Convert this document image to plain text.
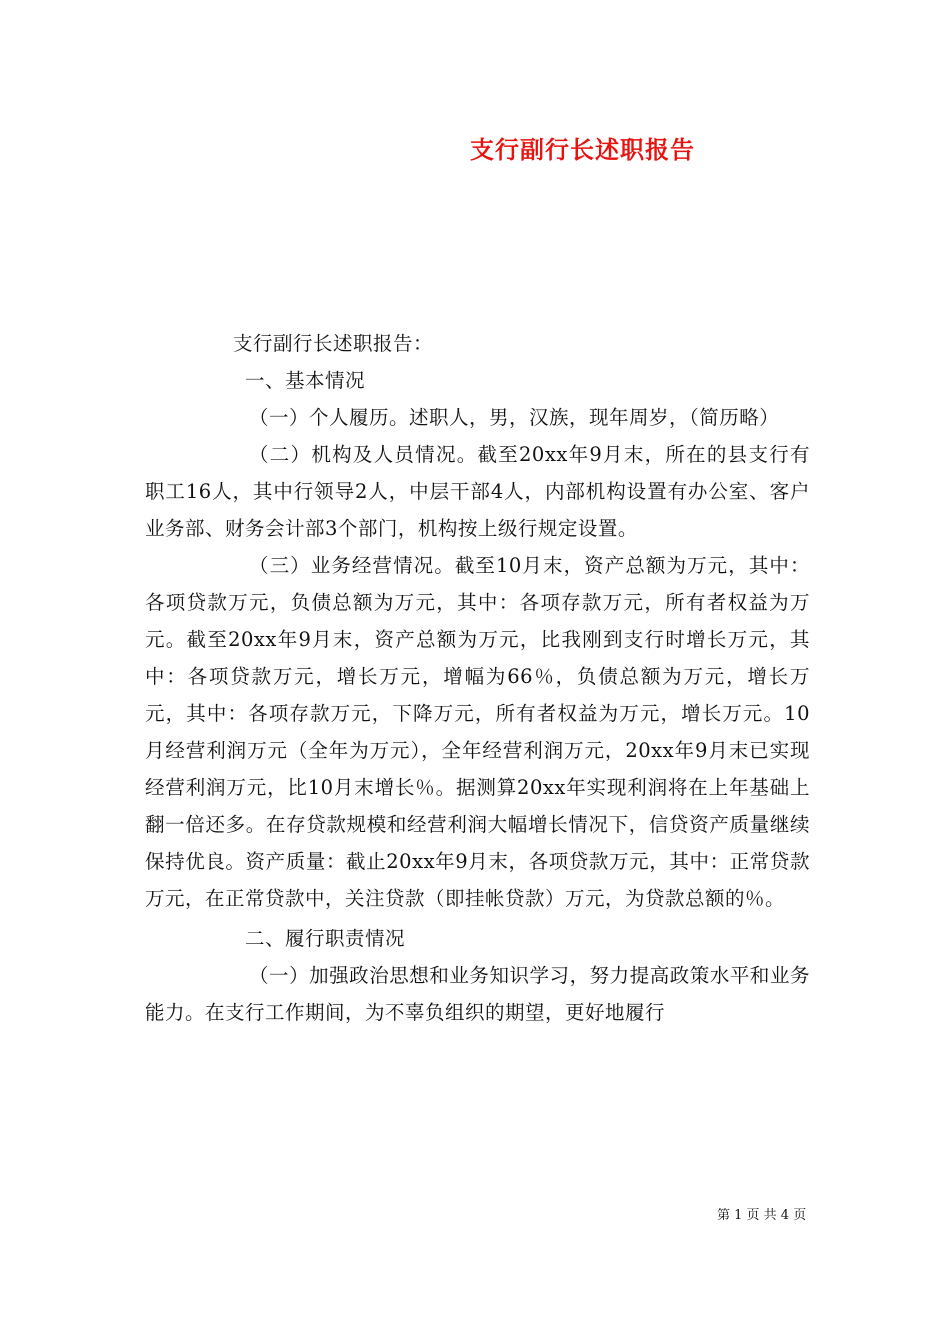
支行副行长述职报告

支行副行长述职报告：

一、基本情况

（一）个人履历。述职人，男，汉族，现年周岁，（简历略）

（二）机构及人员情况。截至20xx年9月末，所在的县支行有职工16人，其中行领导2人，中层干部4人，内部机构设置有办公室、客户业务部、财务会计部3个部门，机构按上级行规定设置。

（三）业务经营情况。截至10月末，资产总额为万元，其中：各项贷款万元，负债总额为万元，其中：各项存款万元，所有者权益为万元。截至20xx年9月末，资产总额为万元，比我刚到支行时增长万元，其中：各项贷款万元，增长万元，增幅为66％，负债总额为万元，增长万元，其中：各项存款万元，下降万元，所有者权益为万元，增长万元。10月经营利润万元（全年为万元），全年经营利润万元，20xx年9月末已实现经营利润万元，比10月末增长％。据测算20xx年实现利润将在上年基础上翻一倍还多。在存贷款规模和经营利润大幅增长情况下，信贷资产质量继续保持优良。资产质量：截止20xx年9月末，各项贷款万元，其中：正常贷款万元，在正常贷款中，关注贷款（即挂帐贷款）万元，为贷款总额的％。

二、履行职责情况

（一）加强政治思想和业务知识学习，努力提高政策水平和业务能力。在支行工作期间，为不辜负组织的期望，更好地履行

第 1 页 共 4 页
